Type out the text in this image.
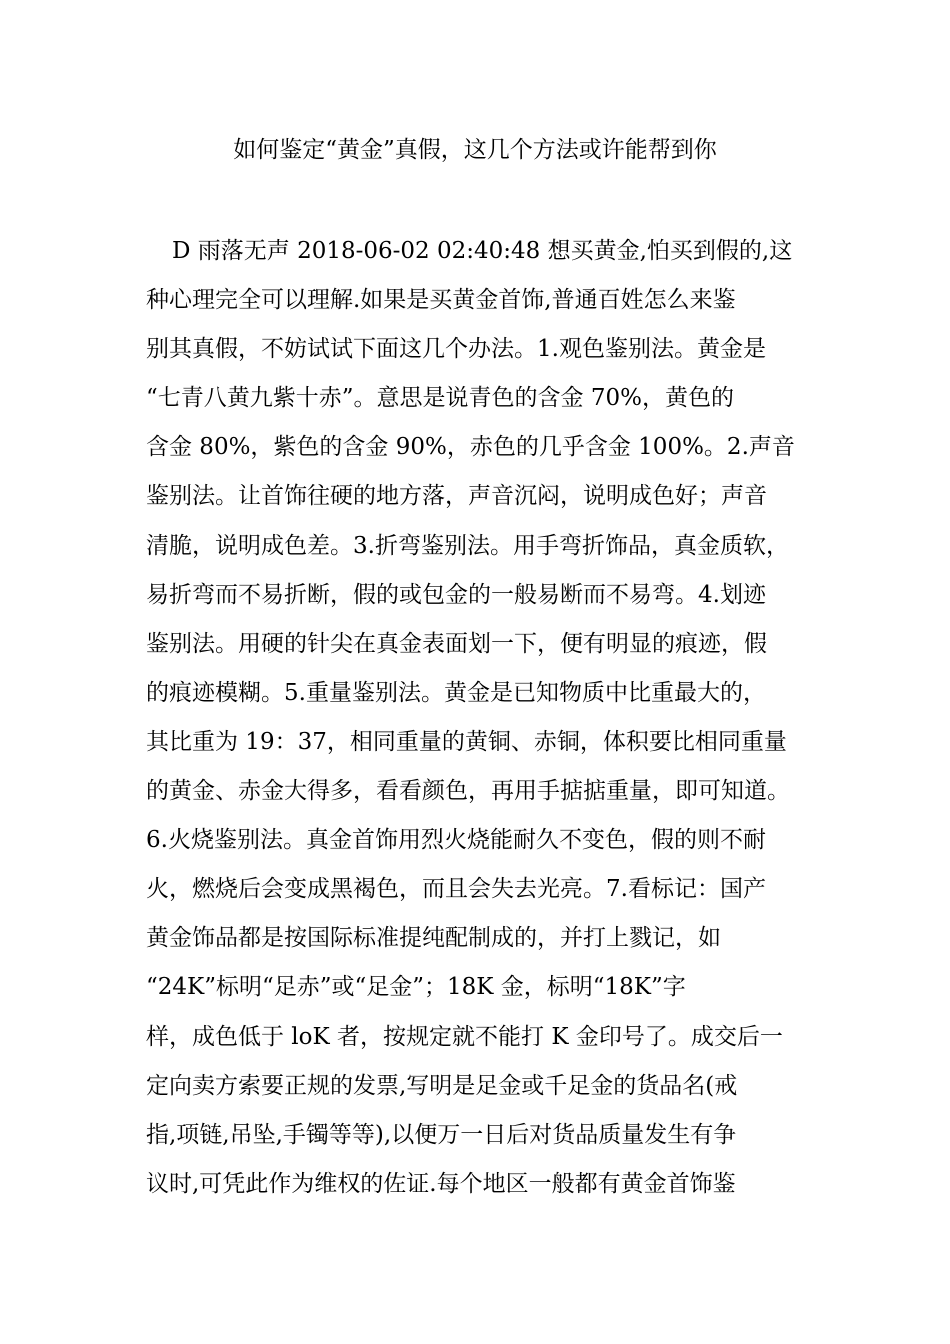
如何鉴定“黄金”真假，这几个方法或许能帮到你
D 雨落无声 2018-06-02 02:40:48 想买黄金,怕买到假的,这
种心理完全可以理解.如果是买黄金首饰,普通百姓怎么来鉴
别其真假，不妨试试下面这几个办法。1.观色鉴别法。黄金是
“七青八黄九紫十赤”。意思是说青色的含金 70%，黄色的
含金 80%，紫色的含金 90%，赤色的几乎含金 100%。2.声音
鉴别法。让首饰往硬的地方落，声音沉闷，说明成色好；声音
清脆，说明成色差。3.折弯鉴别法。用手弯折饰品，真金质软，
易折弯而不易折断，假的或包金的一般易断而不易弯。4.划迹
鉴别法。用硬的针尖在真金表面划一下，便有明显的痕迹，假
的痕迹模糊。5.重量鉴别法。黄金是已知物质中比重最大的，
其比重为 19：37，相同重量的黄铜、赤铜，体积要比相同重量
的黄金、赤金大得多，看看颜色，再用手掂掂重量，即可知道。
6.火烧鉴别法。真金首饰用烈火烧能耐久不变色，假的则不耐
火，燃烧后会变成黑褐色，而且会失去光亮。7.看标记：国产
黄金饰品都是按国际标准提纯配制成的，并打上戮记，如
“24K”标明“足赤”或“足金”；18K 金，标明“18K”字
样，成色低于 loK 者，按规定就不能打 K 金印号了。成交后一
定向卖方索要正规的发票,写明是足金或千足金的货品名(戒
指,项链,吊坠,手镯等等),以便万一日后对货品质量发生有争
议时,可凭此作为维权的佐证.每个地区一般都有黄金首饰鉴
